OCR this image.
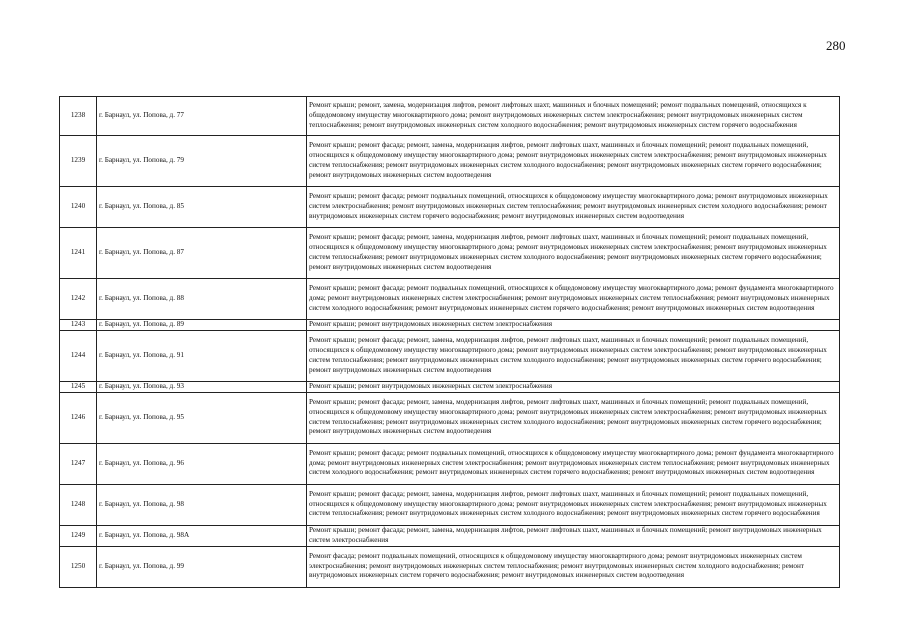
280
1238	г. Барнаул, ул. Попова, д. 77	Ремонт крыши; ремонт, замена, модернизация лифтов, ремонт лифтовых шахт, машинных и блочных помещений; ремонт подвальных помещений, относящихся к общедомовому имуществу многоквартирного дома; ремонт внутридомовых инженерных систем электроснабжения; ремонт внутридомовых инженерных систем теплоснабжения; ремонт внутридомовых инженерных систем холодного водоснабжения; ремонт внутридомовых инженерных систем горячего водоснабжения
1239	г. Барнаул, ул. Попова, д. 79	Ремонт крыши; ремонт фасада; ремонт, замена, модернизация лифтов, ремонт лифтовых шахт, машинных и блочных помещений; ремонт подвальных помещений, относящихся к общедомовому имуществу многоквартирного дома; ремонт внутридомовых инженерных систем электроснабжения; ремонт внутридомовых инженерных систем теплоснабжения; ремонт внутридомовых инженерных систем холодного водоснабжения; ремонт внутридомовых инженерных систем горячего водоснабжения; ремонт внутридомовых инженерных систем водоотведения
1240	г. Барнаул, ул. Попова, д. 85	Ремонт крыши; ремонт фасада; ремонт подвальных помещений, относящихся к общедомовому имуществу многоквартирного дома; ремонт внутридомовых инженерных систем электроснабжения; ремонт внутридомовых инженерных систем теплоснабжения; ремонт внутридомовых инженерных систем холодного водоснабжения; ремонт внутридомовых инженерных систем горячего водоснабжения; ремонт внутридомовых инженерных систем водоотведения
1241	г. Барнаул, ул. Попова, д. 87	Ремонт крыши; ремонт фасада; ремонт, замена, модернизация лифтов, ремонт лифтовых шахт, машинных и блочных помещений; ремонт подвальных помещений, относящихся к общедомовому имуществу многоквартирного дома; ремонт внутридомовых инженерных систем электроснабжения; ремонт внутридомовых инженерных систем теплоснабжения; ремонт внутридомовых инженерных систем холодного водоснабжения; ремонт внутридомовых инженерных систем горячего водоснабжения; ремонт внутридомовых инженерных систем водоотведения
1242	г. Барнаул, ул. Попова, д. 88	Ремонт крыши; ремонт фасада; ремонт подвальных помещений, относящихся к общедомовому имуществу многоквартирного дома; ремонт фундамента многоквартирного дома; ремонт внутридомовых инженерных систем электроснабжения; ремонт внутридомовых инженерных систем теплоснабжения; ремонт внутридомовых инженерных систем холодного водоснабжения; ремонт внутридомовых инженерных систем горячего водоснабжения; ремонт внутридомовых инженерных систем водоотведения
1243	г. Барнаул, ул. Попова, д. 89	Ремонт крыши; ремонт внутридомовых инженерных систем электроснабжения
1244	г. Барнаул, ул. Попова, д. 91	Ремонт крыши; ремонт фасада; ремонт, замена, модернизация лифтов, ремонт лифтовых шахт, машинных и блочных помещений; ремонт подвальных помещений, относящихся к общедомовому имуществу многоквартирного дома; ремонт внутридомовых инженерных систем электроснабжения; ремонт внутридомовых инженерных систем теплоснабжения; ремонт внутридомовых инженерных систем холодного водоснабжения; ремонт внутридомовых инженерных систем горячего водоснабжения; ремонт внутридомовых инженерных систем водоотведения
1245	г. Барнаул, ул. Попова, д. 93	Ремонт крыши; ремонт внутридомовых инженерных систем электроснабжения
1246	г. Барнаул, ул. Попова, д. 95	Ремонт крыши; ремонт фасада; ремонт, замена, модернизация лифтов, ремонт лифтовых шахт, машинных и блочных помещений; ремонт подвальных помещений, относящихся к общедомовому имуществу многоквартирного дома; ремонт внутридомовых инженерных систем электроснабжения; ремонт внутридомовых инженерных систем теплоснабжения; ремонт внутридомовых инженерных систем холодного водоснабжения; ремонт внутридомовых инженерных систем горячего водоснабжения; ремонт внутридомовых инженерных систем водоотведения
1247	г. Барнаул, ул. Попова, д. 96	Ремонт крыши; ремонт фасада; ремонт подвальных помещений, относящихся к общедомовому имуществу многоквартирного дома; ремонт фундамента многоквартирного дома; ремонт внутридомовых инженерных систем электроснабжения; ремонт внутридомовых инженерных систем теплоснабжения; ремонт внутридомовых инженерных систем холодного водоснабжения; ремонт внутридомовых инженерных систем горячего водоснабжения; ремонт внутридомовых инженерных систем водоотведения
1248	г. Барнаул, ул. Попова, д. 98	Ремонт крыши; ремонт фасада; ремонт, замена, модернизация лифтов, ремонт лифтовых шахт, машинных и блочных помещений; ремонт подвальных помещений, относящихся к общедомовому имуществу многоквартирного дома; ремонт внутридомовых инженерных систем электроснабжения; ремонт внутридомовых инженерных систем теплоснабжения; ремонт внутридомовых инженерных систем холодного водоснабжения; ремонт внутридомовых инженерных систем горячего водоснабжения
1249	г. Барнаул, ул. Попова, д. 98А	Ремонт крыши; ремонт фасада; ремонт, замена, модернизация лифтов, ремонт лифтовых шахт, машинных и блочных помещений; ремонт внутридомовых инженерных систем электроснабжения
1250	г. Барнаул, ул. Попова, д. 99	Ремонт фасада; ремонт подвальных помещений, относящихся к общедомовому имуществу многоквартирного дома; ремонт внутридомовых инженерных систем электроснабжения; ремонт внутридомовых инженерных систем теплоснабжения; ремонт внутридомовых инженерных систем холодного водоснабжения; ремонт внутридомовых инженерных систем горячего водоснабжения; ремонт внутридомовых инженерных систем водоотведения
